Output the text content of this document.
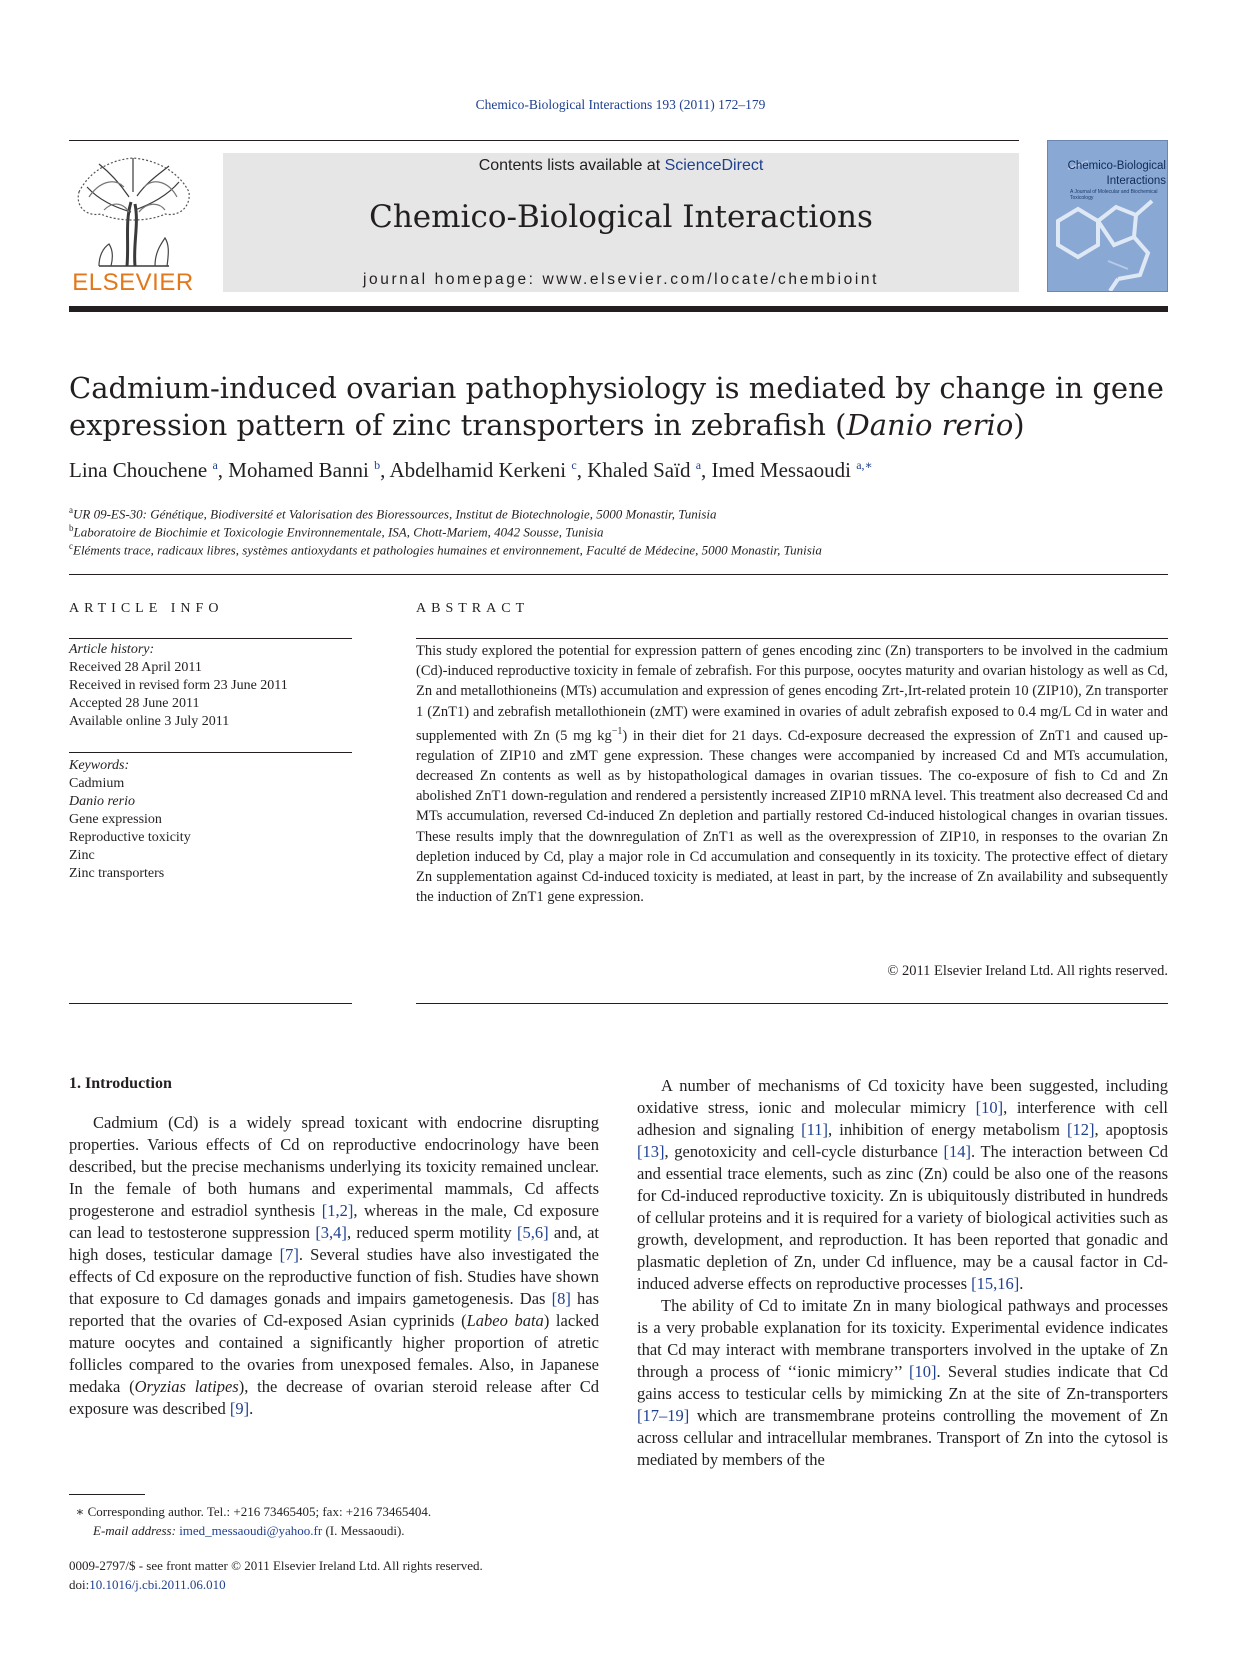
Chemico-Biological Interactions 193 (2011) 172–179
ELSEVIER
Contents lists available at ScienceDirect
Chemico-Biological Interactions
journal homepage: www.elsevier.com/locate/chembioint
Chemico-Biological Interactions
A Journal of Molecular and Biochemical Toxicology
Cadmium-induced ovarian pathophysiology is mediated by change in gene
expression pattern of zinc transporters in zebrafish (Danio rerio)
Lina Chouchene $^a$, Mohamed Banni $^b$, Abdelhamid Kerkeni $^c$, Khaled Saïd $^a$, Imed Messaoudi $^{a,∗}$
$^a$UR 09-ES-30: Génétique, Biodiversité et Valorisation des Bioressources, Institut de Biotechnologie, 5000 Monastir, Tunisia
$^b$Laboratoire de Biochimie et Toxicologie Environnementale, ISA, Chott-Mariem, 4042 Sousse, Tunisia
$^c$Eléments trace, radicaux libres, systèmes antioxydants et pathologies humaines et environnement, Faculté de Médecine, 5000 Monastir, Tunisia
ARTICLE INFO
Article history:
Received 28 April 2011
Received in revised form 23 June 2011
Accepted 28 June 2011
Available online 3 July 2011
Keywords:
Cadmium
Danio rerio
Gene expression
Reproductive toxicity
Zinc
Zinc transporters
ABSTRACT
This study explored the potential for expression pattern of genes encoding zinc (Zn) transporters to be involved in the cadmium (Cd)-induced reproductive toxicity in female of zebrafish. For this purpose, oocytes maturity and ovarian histology as well as Cd, Zn and metallothioneins (MTs) accumulation and expression of genes encoding Zrt-,Irt-related protein 10 (ZIP10), Zn transporter 1 (ZnT1) and zebrafish metallothionein (zMT) were examined in ovaries of adult zebrafish exposed to 0.4 mg/L Cd in water and supplemented with Zn (5 mg $kg^{-1}$) in their diet for 21 days. Cd-exposure decreased the expression of ZnT1 and caused up-regulation of ZIP10 and zMT gene expression. These changes were accompanied by increased Cd and MTs accumulation, decreased Zn contents as well as by histopathological damages in ovarian tissues. The co-exposure of fish to Cd and Zn abolished ZnT1 down-regulation and rendered a persistently increased ZIP10 mRNA level. This treatment also decreased Cd and MTs accumulation, reversed Cd-induced Zn depletion and partially restored Cd-induced histological changes in ovarian tissues. These results imply that the downregulation of ZnT1 as well as the overexpression of ZIP10, in responses to the ovarian Zn depletion induced by Cd, play a major role in Cd accumulation and consequently in its toxicity. The protective effect of dietary Zn supplementation against Cd-induced toxicity is mediated, at least in part, by the increase of Zn availability and subsequently the induction of ZnT1 gene expression.
© 2011 Elsevier Ireland Ltd. All rights reserved.
1. Introduction

Cadmium (Cd) is a widely spread toxicant with endocrine disrupting properties. Various effects of Cd on reproductive endocrinology have been described, but the precise mechanisms underlying its toxicity remained unclear. In the female of both humans and experimental mammals, Cd affects progesterone and estradiol synthesis [1,2], whereas in the male, Cd exposure can lead to testosterone suppression [3,4], reduced sperm motility [5,6] and, at high doses, testicular damage [7]. Several studies have also investigated the effects of Cd exposure on the reproductive function of fish. Studies have shown that exposure to Cd damages gonads and impairs gametogenesis. Das [8] has reported that the ovaries of Cd-exposed Asian cyprinids (Labeo bata) lacked mature oocytes and contained a significantly higher proportion of atretic follicles compared to the ovaries from unexposed females. Also, in Japanese medaka (Oryzias latipes), the decrease of ovarian steroid release after Cd exposure was described [9].

A number of mechanisms of Cd toxicity have been suggested, including oxidative stress, ionic and molecular mimicry [10], interference with cell adhesion and signaling [11], inhibition of energy metabolism [12], apoptosis [13], genotoxicity and cell-cycle disturbance [14]. The interaction between Cd and essential trace elements, such as zinc (Zn) could be also one of the reasons for Cd-induced reproductive toxicity. Zn is ubiquitously distributed in hundreds of cellular proteins and it is required for a variety of biological activities such as growth, development, and reproduction. It has been reported that gonadic and plasmatic depletion of Zn, under Cd influence, may be a causal factor in Cd-induced adverse effects on reproductive processes [15,16].

The ability of Cd to imitate Zn in many biological pathways and processes is a very probable explanation for its toxicity. Experimental evidence indicates that Cd may interact with membrane transporters involved in the uptake of Zn through a process of ‘‘ionic mimicry’’ [10]. Several studies indicate that Cd gains access to testicular cells by mimicking Zn at the site of Zn-transporters [17–19] which are transmembrane proteins controlling the movement of Zn across cellular and intracellular membranes. Transport of Zn into the cytosol is mediated by members of the

∗ Corresponding author. Tel.: +216 73465405; fax: +216 73465404.
E-mail address: imed_messaoudi@yahoo.fr (I. Messaoudi).
0009-2797/$ - see front matter © 2011 Elsevier Ireland Ltd. All rights reserved.
doi:10.1016/j.cbi.2011.06.010
